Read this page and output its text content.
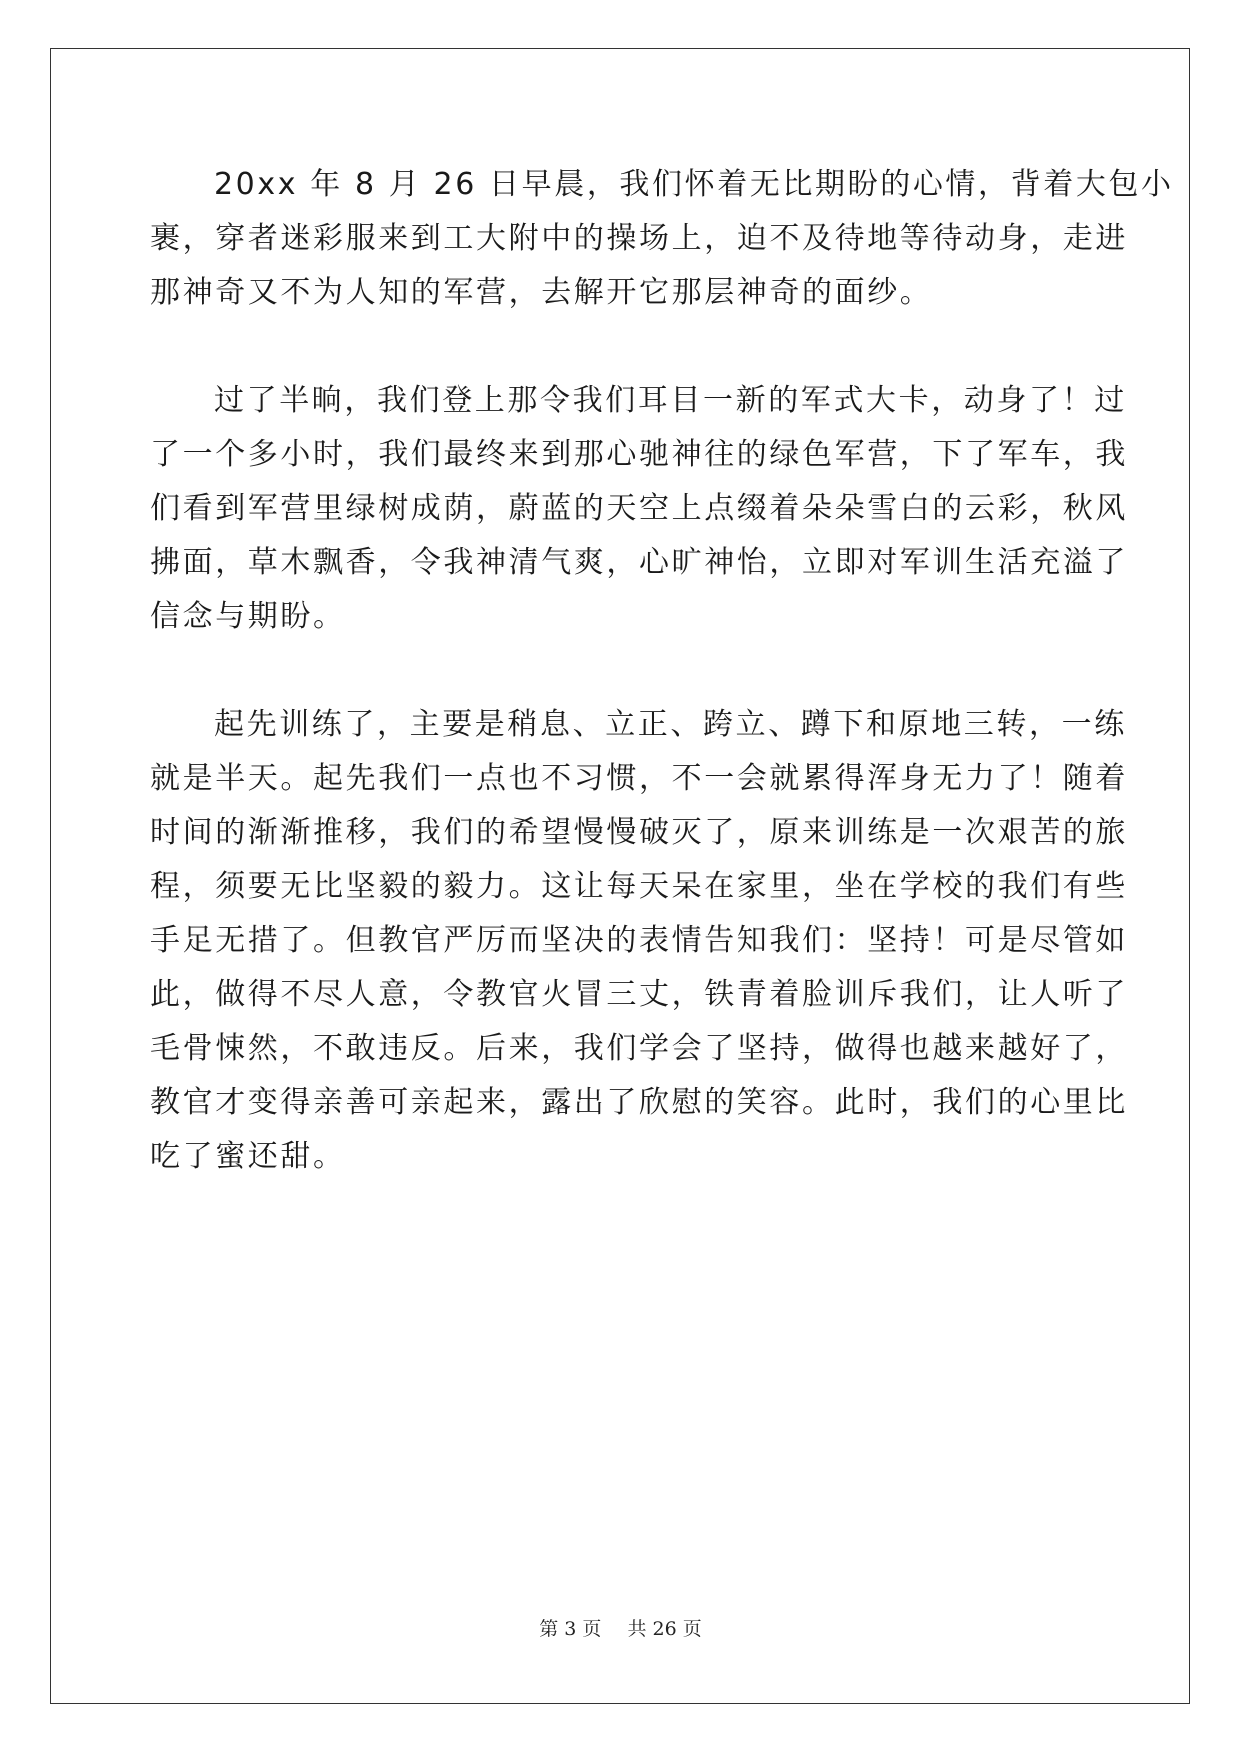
20xx 年 8 月 26 日早晨，我们怀着无比期盼的心情，背着大包小
裹，穿者迷彩服来到工大附中的操场上，迫不及待地等待动身，走进
那神奇又不为人知的军营，去解开它那层神奇的面纱。

过了半晌，我们登上那令我们耳目一新的军式大卡，动身了！过
了一个多小时，我们最终来到那心驰神往的绿色军营，下了军车，我
们看到军营里绿树成荫，蔚蓝的天空上点缀着朵朵雪白的云彩，秋风
拂面，草木飘香，令我神清气爽，心旷神怡，立即对军训生活充溢了
信念与期盼。

起先训练了，主要是稍息、立正、跨立、蹲下和原地三转，一练
就是半天。起先我们一点也不习惯，不一会就累得浑身无力了！随着
时间的渐渐推移，我们的希望慢慢破灭了，原来训练是一次艰苦的旅
程，须要无比坚毅的毅力。这让每天呆在家里，坐在学校的我们有些
手足无措了。但教官严厉而坚决的表情告知我们：坚持！可是尽管如
此，做得不尽人意，令教官火冒三丈，铁青着脸训斥我们，让人听了
毛骨悚然，不敢违反。后来，我们学会了坚持，做得也越来越好了，
教官才变得亲善可亲起来，露出了欣慰的笑容。此时，我们的心里比
吃了蜜还甜。

第 3 页 共 26 页
